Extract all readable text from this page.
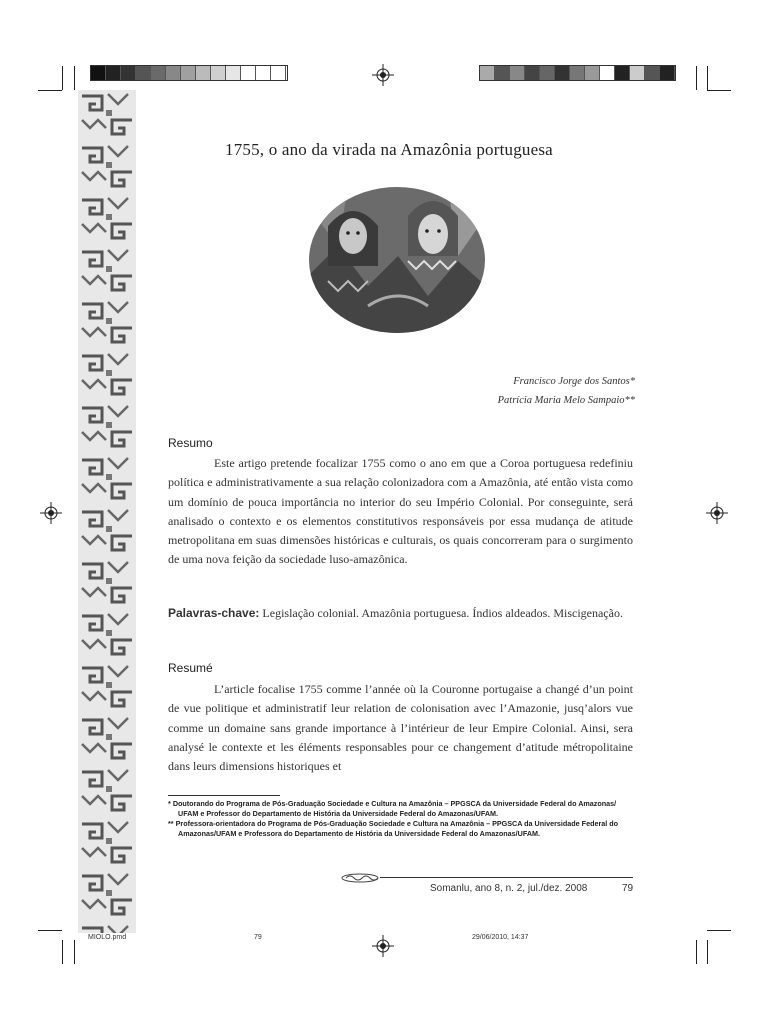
1755, o ano da virada na Amazônia portuguesa
Francisco Jorge dos Santos*
Patrícia Maria Melo Sampaio**
Resumo

Este artigo pretende focalizar 1755 como o ano em que a Coroa portuguesa redefiniu política e administrativamente a sua relação colonizadora com a Amazônia, até então vista como um domínio de pouca importância no interior do seu Império Colonial. Por conseguinte, será analisado o contexto e os elementos constitutivos responsáveis por essa mudança de atitude metropolitana em suas dimensões históricas e culturais, os quais concorreram para o surgimento de uma nova feição da sociedade luso-amazônica.

Palavras-chave: Legislação colonial. Amazônia portuguesa. Índios aldeados. Miscigenação.

Resumé

L’article focalise 1755 comme l’année où la Couronne portugaise a changé d’un point de vue politique et administratif leur relation de colonisation avec l’Amazonie, jusq’alors vue comme un domaine sans grande importance à l’intérieur de leur Empire Colonial. Ainsi, sera analysé le contexte et les éléments responsables pour ce changement d’atitude métropolitaine dans leurs dimensions historiques et

* Doutorando do Programa de Pós-Graduação Sociedade e Cultura na Amazônia – PPGSCA da Universidade Federal do Amazonas/

UFAM e Professor do Departamento de História da Universidade Federal do Amazonas/UFAM.

** Professora-orientadora do Programa de Pós-Graduação Sociedade e Cultura na Amazônia – PPGSCA da Universidade Federal do

Amazonas/UFAM e Professora do Departamento de História da Universidade Federal do Amazonas/UFAM.

Somanlu, ano 8, n. 2, jul./dez. 2008	79
MIOLO.pmd	79	29/06/2010, 14:37
